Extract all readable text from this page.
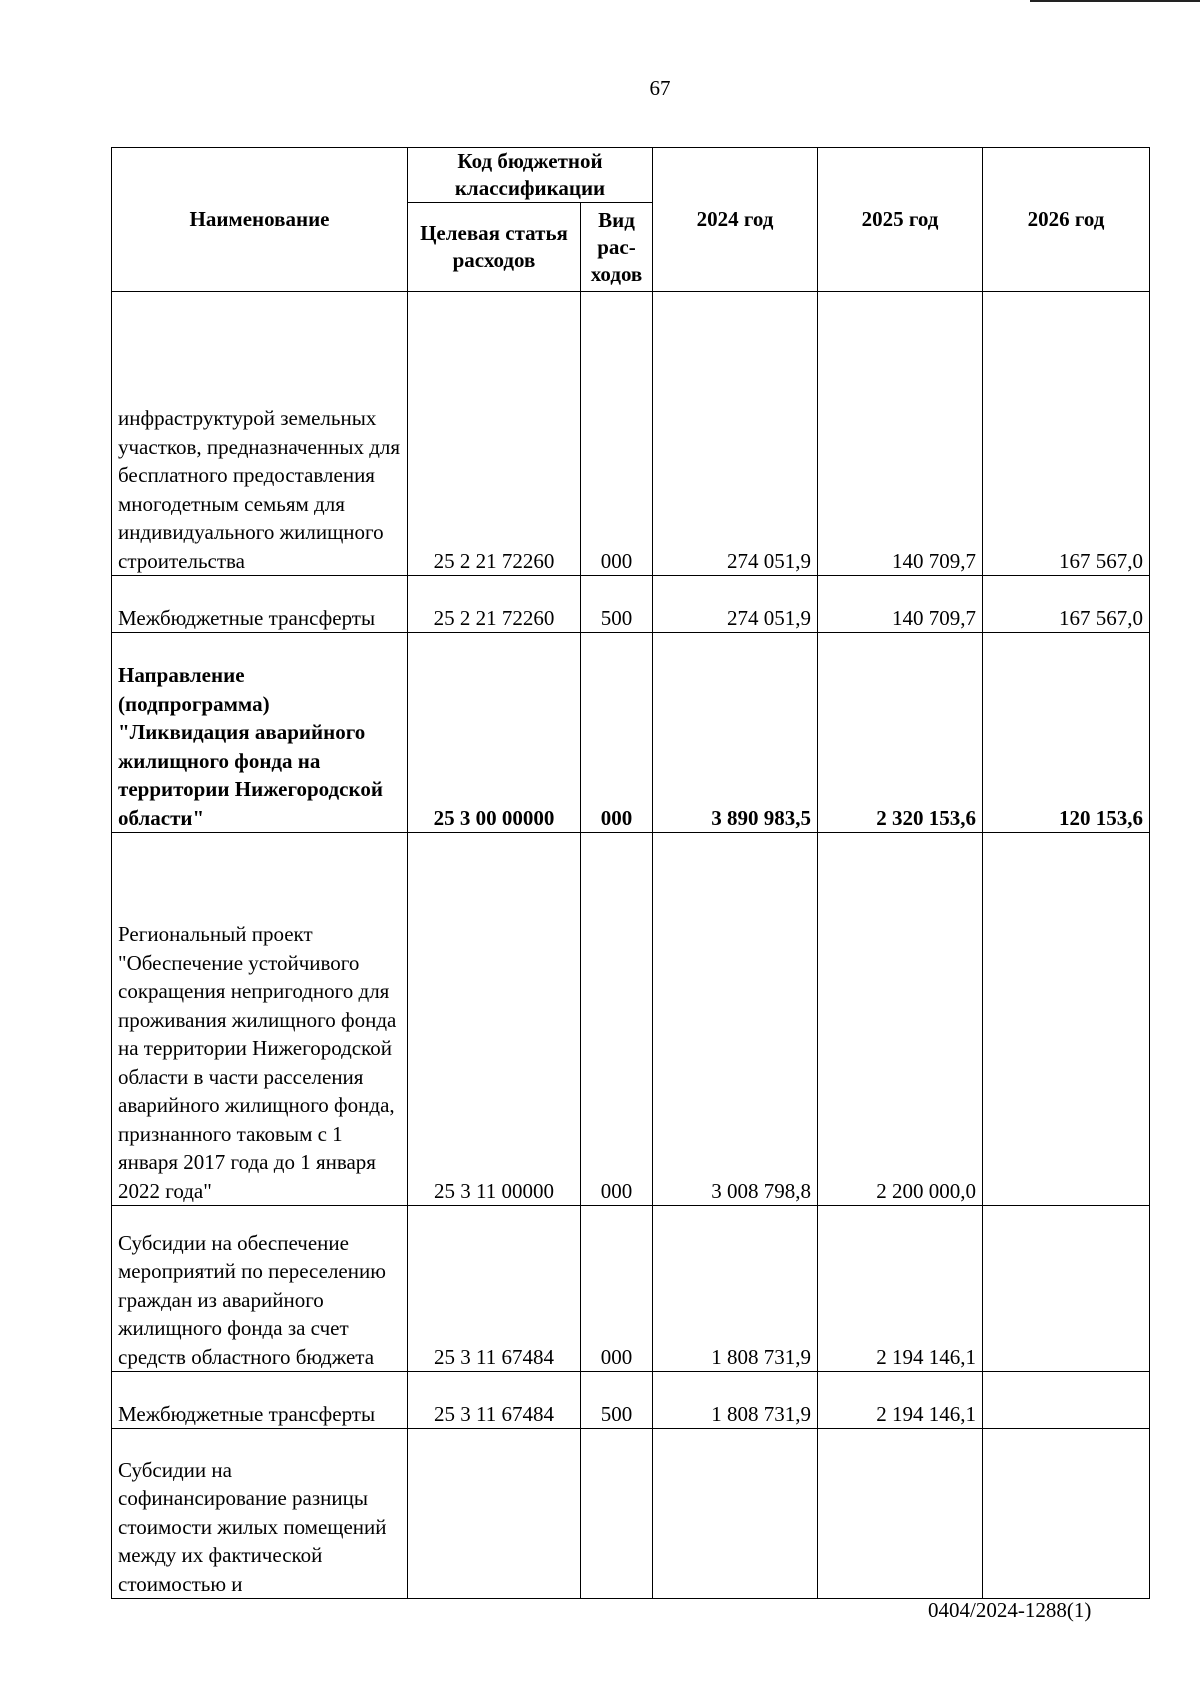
67
Наименование	Код бюджетной классификации		2024 год	2025 год	2026 год
	Целевая статья расходов	Вид рас-ходов			
инфраструктурой земельных участков, предназначенных для бесплатного предоставления многодетным семьям для индивидуального жилищного строительства	25 2 21 72260	000	274 051,9	140 709,7	167 567,0
Межбюджетные трансферты	25 2 21 72260	500	274 051,9	140 709,7	167 567,0
Направление (подпрограмма) "Ликвидация аварийного жилищного фонда на территории Нижегородской области"	25 3 00 00000	000	3 890 983,5	2 320 153,6	120 153,6
Региональный проект "Обеспечение устойчивого сокращения непригодного для проживания жилищного фонда на территории Нижегородской области в части расселения аварийного жилищного фонда, признанного таковым с 1 января 2017 года до 1 января 2022 года"	25 3 11 00000	000	3 008 798,8	2 200 000,0	
Субсидии на обеспечение мероприятий по переселению граждан из аварийного жилищного фонда за счет средств областного бюджета	25 3 11 67484	000	1 808 731,9	2 194 146,1	
Межбюджетные трансферты	25 3 11 67484	500	1 808 731,9	2 194 146,1	
Субсидии на софинансирование разницы стоимости жилых помещений между их фактической стоимостью и					
0404/2024-1288(1)
